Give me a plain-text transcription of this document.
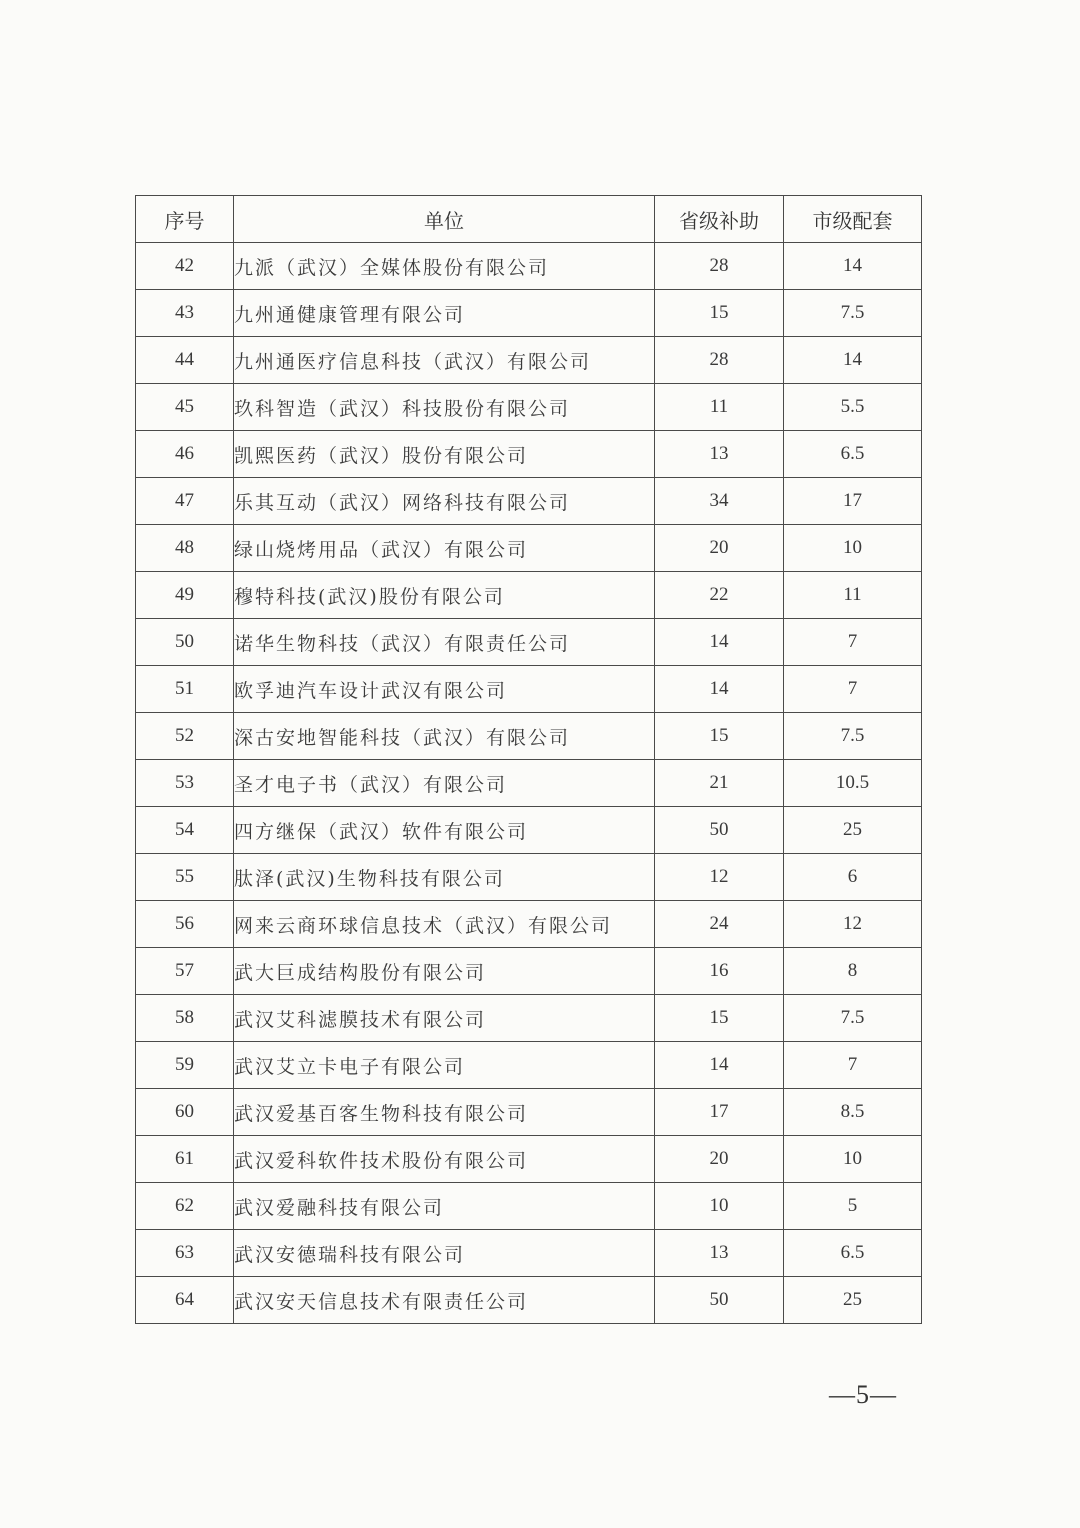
序号	单位	省级补助	市级配套
42	九派（武汉）全媒体股份有限公司	28	14
43	九州通健康管理有限公司	15	7.5
44	九州通医疗信息科技（武汉）有限公司	28	14
45	玖科智造（武汉）科技股份有限公司	11	5.5
46	凯熙医药（武汉）股份有限公司	13	6.5
47	乐其互动（武汉）网络科技有限公司	34	17
48	绿山烧烤用品（武汉）有限公司	20	10
49	穆特科技(武汉)股份有限公司	22	11
50	诺华生物科技（武汉）有限责任公司	14	7
51	欧孚迪汽车设计武汉有限公司	14	7
52	深古安地智能科技（武汉）有限公司	15	7.5
53	圣才电子书（武汉）有限公司	21	10.5
54	四方继保（武汉）软件有限公司	50	25
55	肽泽(武汉)生物科技有限公司	12	6
56	网来云商环球信息技术（武汉）有限公司	24	12
57	武大巨成结构股份有限公司	16	8
58	武汉艾科滤膜技术有限公司	15	7.5
59	武汉艾立卡电子有限公司	14	7
60	武汉爱基百客生物科技有限公司	17	8.5
61	武汉爱科软件技术股份有限公司	20	10
62	武汉爱融科技有限公司	10	5
63	武汉安德瑞科技有限公司	13	6.5
64	武汉安天信息技术有限责任公司	50	25
—5—
